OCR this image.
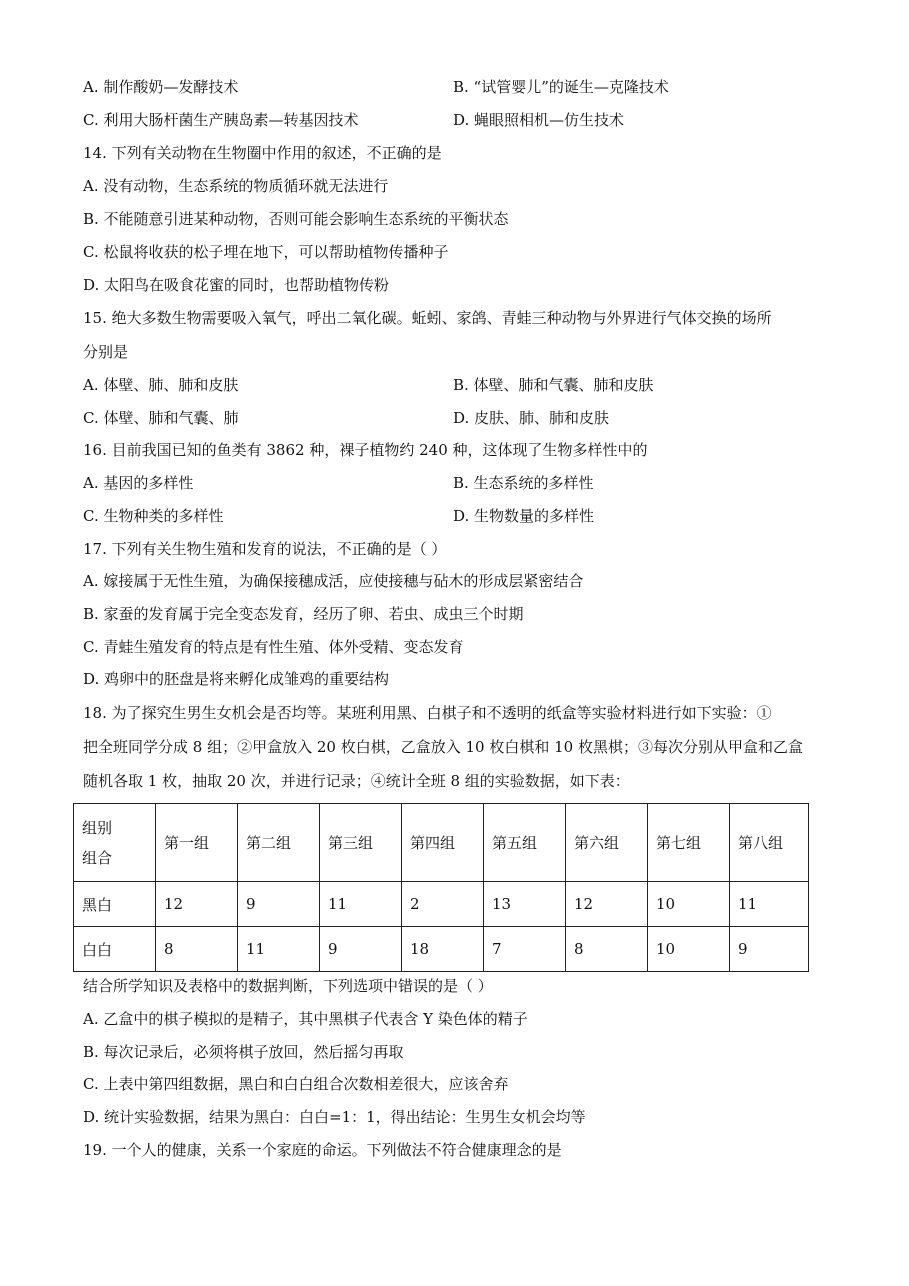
A. 制作酸奶—发酵技术	B. “试管婴儿”的诞生—克隆技术
C. 利用大肠杆菌生产胰岛素—转基因技术	D. 蝇眼照相机—仿生技术
14. 下列有关动物在生物圈中作用的叙述，不正确的是
A. 没有动物，生态系统的物质循环就无法进行
B. 不能随意引进某种动物，否则可能会影响生态系统的平衡状态
C. 松鼠将收获的松子埋在地下，可以帮助植物传播种子
D. 太阳鸟在吸食花蜜的同时，也帮助植物传粉
15. 绝大多数生物需要吸入氧气，呼出二氧化碳。蚯蚓、家鸽、青蛙三种动物与外界进行气体交换的场所
分别是
A. 体壁、肺、肺和皮肤	B. 体壁、肺和气囊、肺和皮肤
C. 体壁、肺和气囊、肺	D. 皮肤、肺、肺和皮肤
16. 目前我国已知的鱼类有 3862 种，裸子植物约 240 种，这体现了生物多样性中的
A. 基因的多样性	B. 生态系统的多样性
C. 生物种类的多样性	D. 生物数量的多样性
17. 下列有关生物生殖和发育的说法，不正确的是（ ）
A. 嫁接属于无性生殖，为确保接穗成活，应使接穗与砧木的形成层紧密结合
B. 家蚕的发育属于完全变态发育，经历了卵、若虫、成虫三个时期
C. 青蛙生殖发育的特点是有性生殖、体外受精、变态发育
D. 鸡卵中的胚盘是将来孵化成雏鸡的重要结构
18. 为了探究生男生女机会是否均等。某班利用黑、白棋子和不透明的纸盒等实验材料进行如下实验：①
把全班同学分成 8 组；②甲盒放入 20 枚白棋，乙盒放入 10 枚白棋和 10 枚黑棋；③每次分别从甲盒和乙盒
随机各取 1 枚，抽取 20 次，并进行记录；④统计全班 8 组的实验数据，如下表：
组别
组合	第一组	第二组	第三组	第四组	第五组	第六组	第七组	第八组
黑白	12	9	11	2	13	12	10	11
白白	8	11	9	18	7	8	10	9
结合所学知识及表格中的数据判断，下列选项中错误的是（ ）
A. 乙盒中的棋子模拟的是精子，其中黑棋子代表含 Y 染色体的精子
B. 每次记录后，必须将棋子放回，然后摇匀再取
C. 上表中第四组数据，黑白和白白组合次数相差很大，应该舍弃
D. 统计实验数据，结果为黑白：白白=1：1，得出结论：生男生女机会均等
19. 一个人的健康，关系一个家庭的命运。下列做法不符合健康理念的是
